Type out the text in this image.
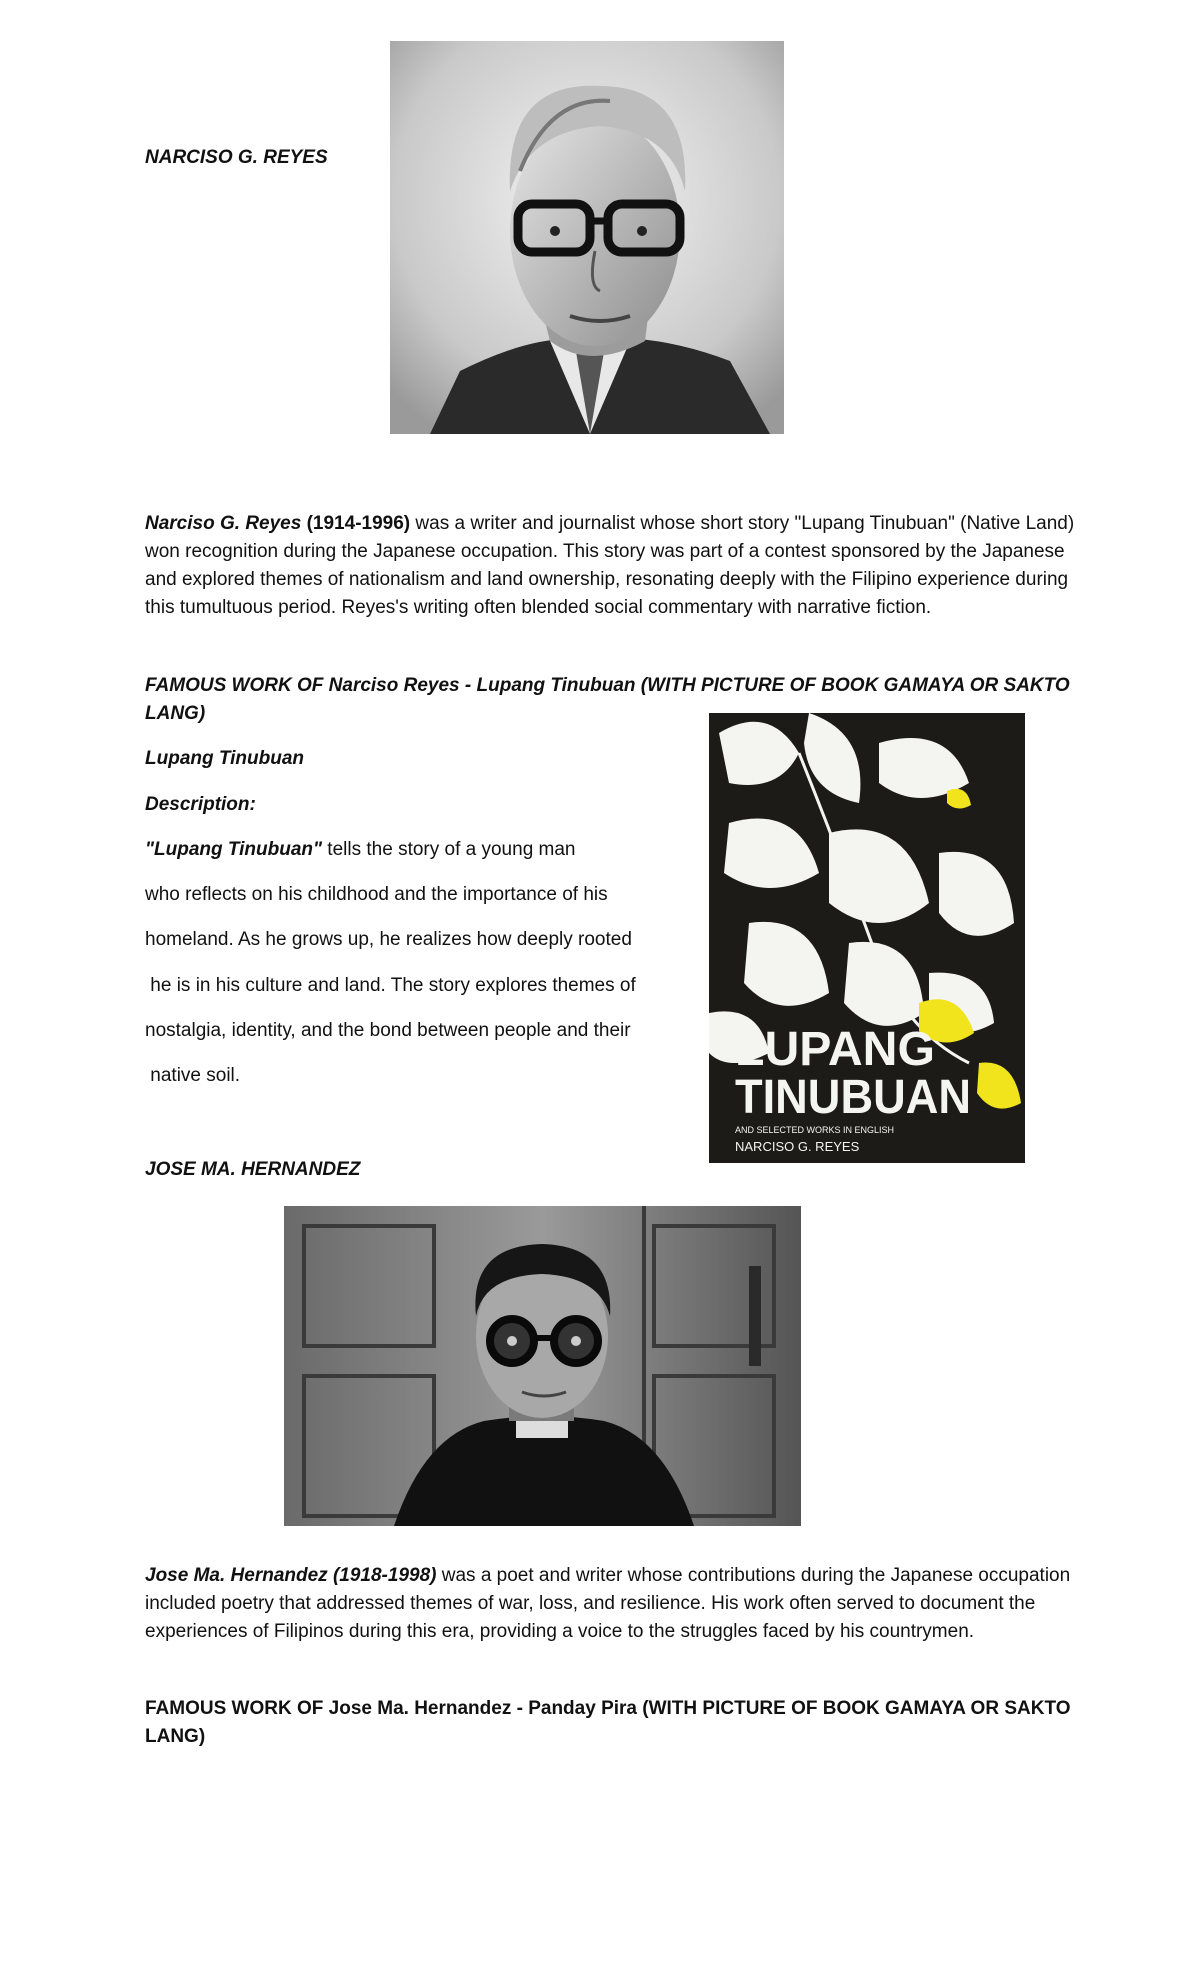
NARCISO G. REYES
Narciso G. Reyes (1914-1996) was a writer and journalist whose short story "Lupang Tinubuan" (Native Land) won recognition during the Japanese occupation. This story was part of a contest sponsored by the Japanese and explored themes of nationalism and land ownership, resonating deeply with the Filipino experience during this tumultuous period. Reyes's writing often blended social commentary with narrative fiction.
FAMOUS WORK OF Narciso Reyes - Lupang Tinubuan (WITH PICTURE OF BOOK GAMAYA OR SAKTO LANG)
Lupang Tinubuan
Description:
"Lupang Tinubuan" tells the story of a young man
who reflects on his childhood and the importance of his
homeland. As he grows up, he realizes how deeply rooted
he is in his culture and land. The story explores themes of
nostalgia, identity, and the bond between people and their
native soil.	LUPANG
TINUBUAN
AND SELECTED WORKS IN ENGLISH
NARCISO G. REYES
JOSE MA. HERNANDEZ
Jose Ma. Hernandez (1918-1998) was a poet and writer whose contributions during the Japanese occupation included poetry that addressed themes of war, loss, and resilience. His work often served to document the experiences of Filipinos during this era, providing a voice to the struggles faced by his countrymen.
FAMOUS WORK OF Jose Ma. Hernandez - Panday Pira (WITH PICTURE OF BOOK GAMAYA OR SAKTO LANG)
